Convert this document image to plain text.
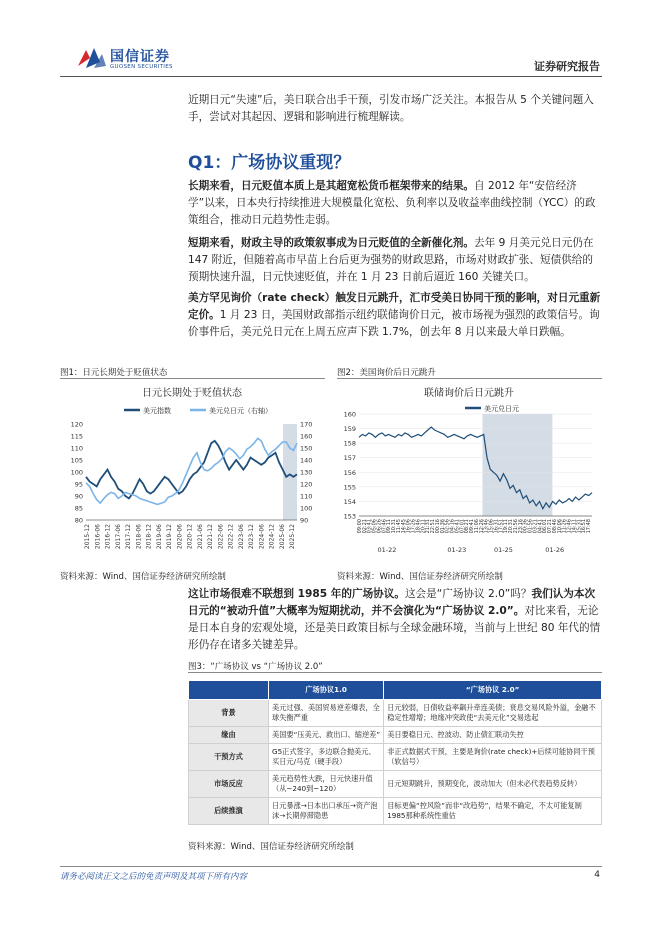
国信证券
GUOSEN SECURITIES	证券研究报告
近期日元“失速”后，美日联合出手干预，引发市场广泛关注。本报告从 5 个关键问题入手，尝试对其起因、逻辑和影响进行梳理解读。
Q1：广场协议重现？
长期来看，日元贬值本质上是其超宽松货币框架带来的结果。自 2012 年“安倍经济学”以来，日本央行持续推进大规模量化宽松、负利率以及收益率曲线控制（YCC）的政策组合，推动日元趋势性走弱。
短期来看，财政主导的政策叙事成为日元贬值的全新催化剂。去年 9 月美元兑日元仍在 147 附近，但随着高市早苗上台后更为强势的财政思路，市场对财政扩张、短债供给的预期快速升温，日元快速贬值，并在 1 月 23 日前后逼近 160 关键关口。
美方罕见询价（rate check）触发日元跳升，汇市受美日协同干预的影响，对日元重新定价。1 月 23 日，美国财政部指示纽约联储询价日元，被市场视为强烈的政策信号。询价事件后，美元兑日元在上周五应声下跌 1.7%，创去年 8 月以来最大单日跌幅。
图1：日元长期处于贬值状态
日元长期处于贬值状态
美元指数	美元兑日元（右轴）
80
85
90
95
100
105
110
115
120
90
100
110
120
130
140
150
160
170
2015-12 2016-06 2016-12 2017-06 2017-12 2018-06 2018-12 2019-06 2019-12 2020-06 2020-12 2021-06 2021-12 2022-06 2022-12 2023-06 2023-12 2024-06 2024-12 2025-06 2025-12
资料来源：Wind、国信证券经济研究所绘制
图2：美国询价后日元跳升
联储询价后日元跳升
美元兑日元
153
154
155
156
157
158
159
160
09:00
02:21
03:41
05:06
06:26
07:46
09:11
10:31
11:45
14:45
16:06
17:26
18:46
20:11
21:31
22:51
00:16
01:36
02:56
04:16
05:41
07:01
08:21
09:41
11:06
12:26
13:46
15:06
16:31
17:51
19:11
20:31
21:56
23:16
00:36
01:56
03:21
04:41
06:01
07:21
08:46
10:06
11:26
12:46
14:11
15:31
16:51
17:48
01-22	01-23	01-25	01-26
资料来源：Wind、国信证券经济研究所绘制
这让市场很难不联想到 1985 年的广场协议。这会是“广场协议 2.0”吗？我们认为本次日元的“被动升值”大概率为短期扰动，并不会演化为“广场协议 2.0”。对比来看，无论是日本自身的宏观处境，还是美日政策目标与全球金融环境，当前与上世纪 80 年代的情形仍存在诸多关键差异。
图3：“广场协议 vs “广场协议 2.0”
	广场协议1.0	“广场协议 2.0”
背景	美元过强、美国贸易逆差爆表，全球失衡严重	日元较弱，日债收益率飙升牵连美债；衰息交易风险外溢，金融不稳定性增增；地缘冲突政使“去美元化”交易选起
缘由	美国要“压美元、救出口、缩逆差”	美日要稳日元、控波动、防止债汇联动失控
干预方式	G5正式签字，多边联合抛美元、买日元/马克（硬手段）	非正式数据式干预，主要是询价(rate check)+后续可能协同干预（软信号）
市场反应	美元趋势性大跌，日元快速升值（从~240到~120）	日元短期跳升，预期变化，波动加大（但未必代表趋势反转）
后续推演	日元暴涨→日本出口承压→资产泡沫→长期停滞隐患	目标更偏“控风险”而非“改趋势”，结果不确定，不太可能复制1985那种系统性重估
资料来源：Wind、国信证券经济研究所绘制
请务必阅读正文之后的免责声明及其项下所有内容	4
